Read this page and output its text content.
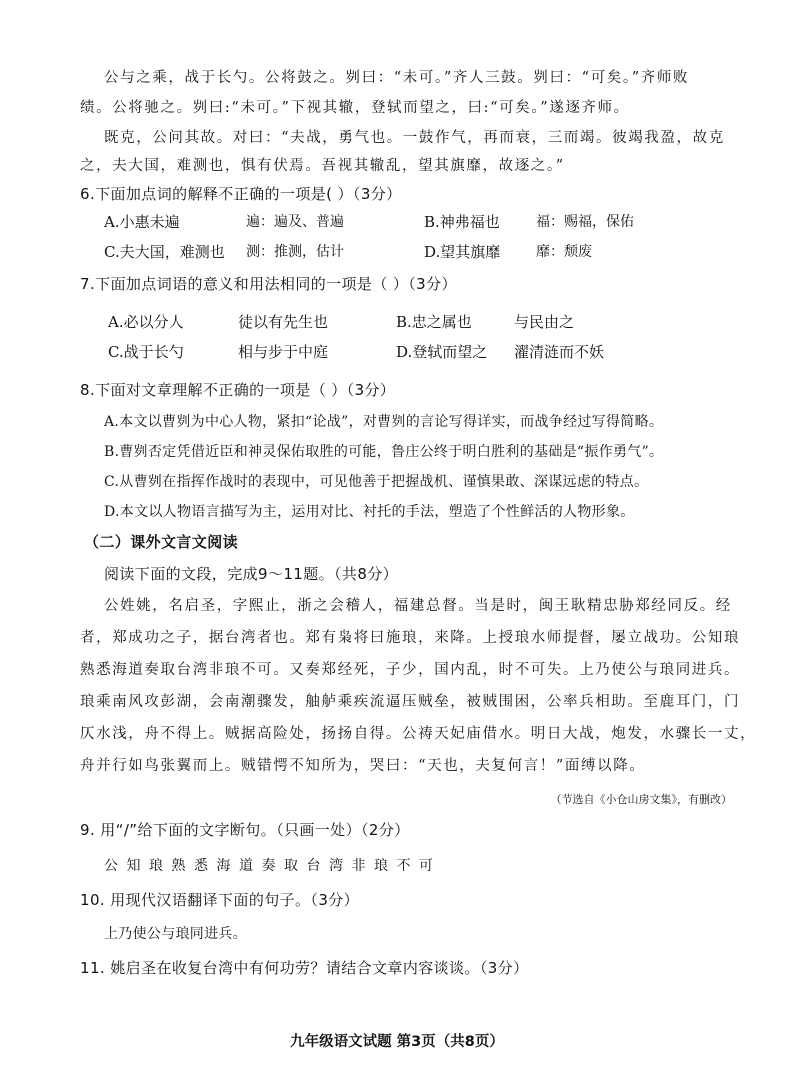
公与之乘，战于长勺。公将鼓之。刿曰：“未可。”齐人三鼓。刿曰：“可矣。”齐师败

绩。公将驰之。刿曰:“未可。”下视其辙，登轼而望之，曰:“可矣。”遂逐齐师。

既克，公问其故。对曰：“夫战，勇气也。一鼓作气，再而衰，三而竭。彼竭我盈，故克

之，夫大国，难测也，惧有伏焉。吾视其辙乱，望其旗靡，故逐之。”

6.下面加点词的解释不正确的一项是( ）（3分）

A.小惠未遍	遍：遍及、普遍	B.神弗福也	福：赐福，保佑
C.夫大国，难测也 测：推测，估计	D.望其旗靡	靡：颓废

7.下面加点词语的意义和用法相同的一项是（ ）（3分）

A.必以分人	徒以有先生也	B.忠之属也	与民由之
C.战于长勺	相与步于中庭	D.登轼而望之 濯清涟而不妖

8.下面对文章理解不正确的一项是（ ）（3分）

A.本文以曹刿为中心人物，紧扣“论战”，对曹刿的言论写得详实，而战争经过写得简略。

B.曹刿否定凭借近臣和神灵保佑取胜的可能，鲁庄公终于明白胜利的基础是“振作勇气”。

C.从曹刿在指挥作战时的表现中，可见他善于把握战机、谨慎果敢、深谋远虑的特点。

D.本文以人物语言描写为主，运用对比、衬托的手法，塑造了个性鲜活的人物形象。

（二）课外文言文阅读

阅读下面的文段，完成9～11题。（共8分）

公姓姚，名启圣，字熙止，浙之会稽人，福建总督。当是时，闽王耿精忠胁郑经同反。经

者，郑成功之子，据台湾者也。郑有枭将曰施琅，来降。上授琅水师提督，屡立战功。公知琅

熟悉海道奏取台湾非琅不可。又奏郑经死，子少，国内乱，时不可失。上乃使公与琅同进兵。

琅乘南风攻彭湖，会南潮骤发，舳舻乘疾流逼压贼垒，被贼围困，公率兵相助。至鹿耳门，门

仄水浅，舟不得上。贼据高险处，扬扬自得。公祷天妃庙借水。明日大战，炮发，水骤长一丈，

舟并行如鸟张翼而上。贼错愕不知所为，哭曰：“天也，夫复何言！”面缚以降。

（节选自《小仓山房文集》，有删改）

9. 用“/”给下面的文字断句。（只画一处）（2分）

公知琅熟悉海道奏取台湾非琅不可

10. 用现代汉语翻译下面的句子。（3分）

上乃使公与琅同进兵。

11. 姚启圣在收复台湾中有何功劳？请结合文章内容谈谈。（3分）

九年级语文试题 第3页（共8页）
